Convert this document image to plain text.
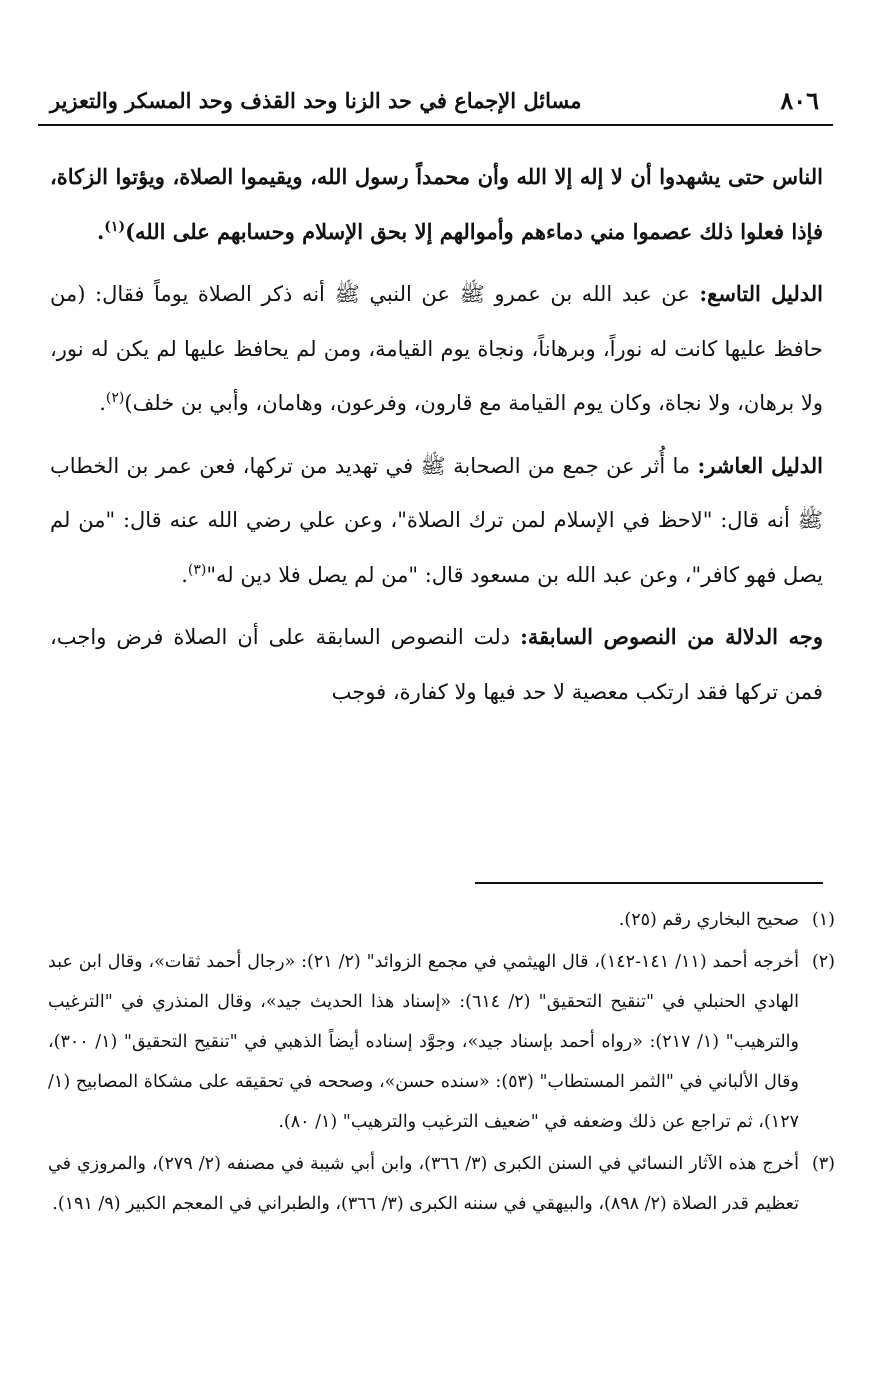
٨٠٦
مسائل الإجماع في حد الزنا وحد القذف وحد المسكر والتعزير

الناس حتى يشهدوا أن لا إله إلا الله وأن محمداً رسول الله، ويقيموا الصلاة، ويؤتوا الزكاة، فإذا فعلوا ذلك عصموا مني دماءهم وأموالهم إلا بحق الإسلام وحسابهم على الله)$^{(١)}$.

الدليل التاسع: عن عبد الله بن عمرو ﷺ عن النبي ﷺ أنه ذكر الصلاة يوماً فقال: (من حافظ عليها كانت له نوراً، وبرهاناً، ونجاة يوم القيامة، ومن لم يحافظ عليها لم يكن له نور، ولا برهان، ولا نجاة، وكان يوم القيامة مع قارون، وفرعون، وهامان، وأبي بن خلف)$^{(٢)}$.

الدليل العاشر: ما أُثر عن جمع من الصحابة ﷺ في تهديد من تركها، فعن عمر بن الخطاب ﷺ أنه قال: "لاحظ في الإسلام لمن ترك الصلاة"، وعن علي رضي الله عنه قال: "من لم يصل فهو كافر"، وعن عبد الله بن مسعود قال: "من لم يصل فلا دين له"$^{(٣)}$.

وجه الدلالة من النصوص السابقة: دلت النصوص السابقة على أن الصلاة فرض واجب، فمن تركها فقد ارتكب معصية لا حد فيها ولا كفارة، فوجب

(١)
صحيح البخاري رقم (٢٥).
(٢)
أخرجه أحمد (١١/ ١٤١-١٤٢)، قال الهيثمي في مجمع الزوائد" (٢/ ٢١): «رجال أحمد ثقات»، وقال ابن عبد الهادي الحنبلي في "تنقيح التحقيق" (٢/ ٦١٤): «إسناد هذا الحديث جيد»، وقال المنذري في "الترغيب والترهيب" (١/ ٢١٧): «رواه أحمد بإسناد جيد»، وجوَّد إسناده أيضاً الذهبي في "تنقيح التحقيق" (١/ ٣٠٠)، وقال الألباني في "الثمر المستطاب" (٥٣): «سنده حسن»، وصححه في تحقيقه على مشكاة المصابيح (١/ ١٢٧)، ثم تراجع عن ذلك وضعفه في "ضعيف الترغيب والترهيب" (١/ ٨٠).
(٣)
أخرج هذه الآثار النسائي في السنن الكبرى (٣/ ٣٦٦)، وابن أبي شيبة في مصنفه (٢/ ٢٧٩)، والمروزي في تعظيم قدر الصلاة (٢/ ٨٩٨)، والبيهقي في سننه الكبرى (٣/ ٣٦٦)، والطبراني في المعجم الكبير (٩/ ١٩١).
